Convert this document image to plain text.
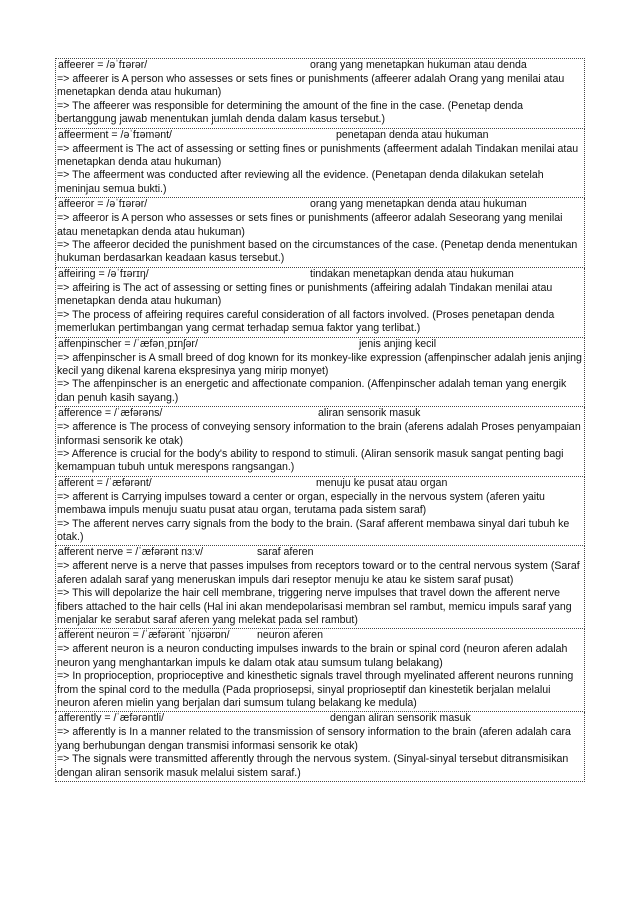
affeerer = /əˈfɪərər/	orang yang menetapkan hukuman atau denda
=> affeerer is A person who assesses or sets fines or punishments (affeerer adalah Orang yang menilai atau menetapkan denda atau hukuman)
=> The affeerer was responsible for determining the amount of the fine in the case. (Penetap denda bertanggung jawab menentukan jumlah denda dalam kasus tersebut.)
affeerment = /əˈfɪəmənt/	penetapan denda atau hukuman
=> affeerment is The act of assessing or setting fines or punishments (affeerment adalah Tindakan menilai atau menetapkan denda atau hukuman)
=> The affeerment was conducted after reviewing all the evidence. (Penetapan denda dilakukan setelah meninjau semua bukti.)
affeeror = /əˈfɪərər/	orang yang menetapkan denda atau hukuman
=> affeeror is A person who assesses or sets fines or punishments (affeeror adalah Seseorang yang menilai atau menetapkan denda atau hukuman)
=> The affeeror decided the punishment based on the circumstances of the case. (Penetap denda menentukan hukuman berdasarkan keadaan kasus tersebut.)
affeiring = /əˈfɪərɪŋ/	tindakan menetapkan denda atau hukuman
=> affeiring is The act of assessing or setting fines or punishments (affeiring adalah Tindakan menilai atau menetapkan denda atau hukuman)
=> The process of affeiring requires careful consideration of all factors involved. (Proses penetapan denda memerlukan pertimbangan yang cermat terhadap semua faktor yang terlibat.)
affenpinscher = /ˈæfənˌpɪnʃər/	jenis anjing kecil
=> affenpinscher is A small breed of dog known for its monkey-like expression (affenpinscher adalah jenis anjing kecil yang dikenal karena ekspresinya yang mirip monyet)
=> The affenpinscher is an energetic and affectionate companion. (Affenpinscher adalah teman yang energik dan penuh kasih sayang.)
afference = /ˈæfərəns/	aliran sensorik masuk
=> afference is The process of conveying sensory information to the brain (aferens adalah Proses penyampaian informasi sensorik ke otak)
=> Afference is crucial for the body's ability to respond to stimuli. (Aliran sensorik masuk sangat penting bagi kemampuan tubuh untuk merespons rangsangan.)
afferent = /ˈæfərənt/	menuju ke pusat atau organ
=> afferent is Carrying impulses toward a center or organ, especially in the nervous system (aferen yaitu membawa impuls menuju suatu pusat atau organ, terutama pada sistem saraf)
=> The afferent nerves carry signals from the body to the brain. (Saraf afferent membawa sinyal dari tubuh ke otak.)
afferent nerve = /ˈæfərənt nɜːv/	saraf aferen
=> afferent nerve is a nerve that passes impulses from receptors toward or to the central nervous system (Saraf aferen adalah saraf yang meneruskan impuls dari reseptor menuju ke atau ke sistem saraf pusat)
=> This will depolarize the hair cell membrane, triggering nerve impulses that travel down the afferent nerve fibers attached to the hair cells (Hal ini akan mendepolarisasi membran sel rambut, memicu impuls saraf yang menjalar ke serabut saraf aferen yang melekat pada sel rambut)
afferent neuron = /ˈæfərənt ˈnjʊərɒn/	neuron aferen
=> afferent neuron is a neuron conducting impulses inwards to the brain or spinal cord (neuron aferen adalah neuron yang menghantarkan impuls ke dalam otak atau sumsum tulang belakang)
=> In proprioception, proprioceptive and kinesthetic signals travel through myelinated afferent neurons running from the spinal cord to the medulla (Pada propriosepsi, sinyal proprioseptif dan kinestetik berjalan melalui neuron aferen mielin yang berjalan dari sumsum tulang belakang ke medula)
afferently = /ˈæfərəntli/	dengan aliran sensorik masuk
=> afferently is In a manner related to the transmission of sensory information to the brain (aferen adalah cara yang berhubungan dengan transmisi informasi sensorik ke otak)
=> The signals were transmitted afferently through the nervous system. (Sinyal-sinyal tersebut ditransmisikan dengan aliran sensorik masuk melalui sistem saraf.)
